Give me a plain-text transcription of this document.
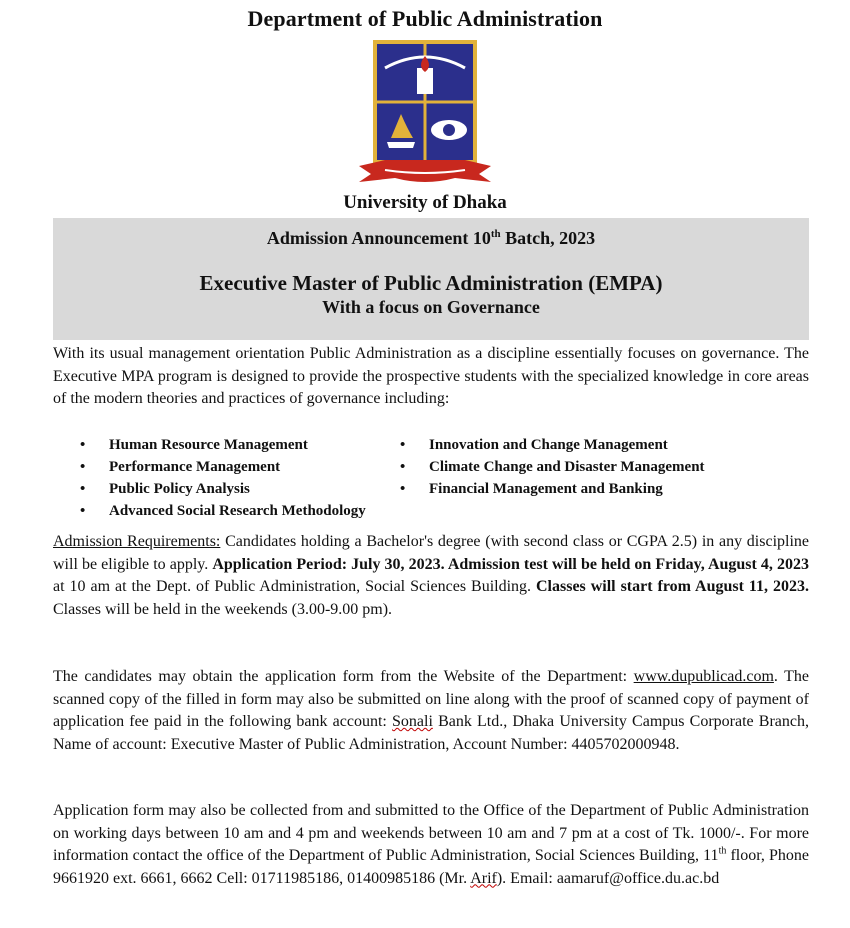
Department of Public Administration
University of Dhaka
Admission Announcement 10th Batch, 2023
Executive Master of Public Administration (EMPA)
With a focus on Governance
With its usual management orientation Public Administration as a discipline essentially focuses on governance. The Executive MPA program is designed to provide the prospective students with the specialized knowledge in core areas of the modern theories and practices of governance including:
• Human Resource Management
• Performance Management
• Public Policy Analysis
• Advanced Social Research Methodology
• Innovation and Change Management
• Climate Change and Disaster Management
• Financial Management and Banking
Admission Requirements: Candidates holding a Bachelor's degree (with second class or CGPA 2.5) in any discipline will be eligible to apply. Application Period: July 30, 2023. Admission test will be held on Friday, August 4, 2023 at 10 am at the Dept. of Public Administration, Social Sciences Building. Classes will start from August 11, 2023. Classes will be held in the weekends (3.00-9.00 pm).
The candidates may obtain the application form from the Website of the Department: www.dupublicad.com. The scanned copy of the filled in form may also be submitted on line along with the proof of scanned copy of payment of application fee paid in the following bank account: Sonali Bank Ltd., Dhaka University Campus Corporate Branch, Name of account: Executive Master of Public Administration, Account Number: 4405702000948.
Application form may also be collected from and submitted to the Office of the Department of Public Administration on working days between 10 am and 4 pm and weekends between 10 am and 7 pm at a cost of Tk. 1000/-. For more information contact the office of the Department of Public Administration, Social Sciences Building, 11th floor, Phone 9661920 ext. 6661, 6662 Cell: 01711985186, 01400985186 (Mr. Arif). Email: aamaruf@office.du.ac.bd
